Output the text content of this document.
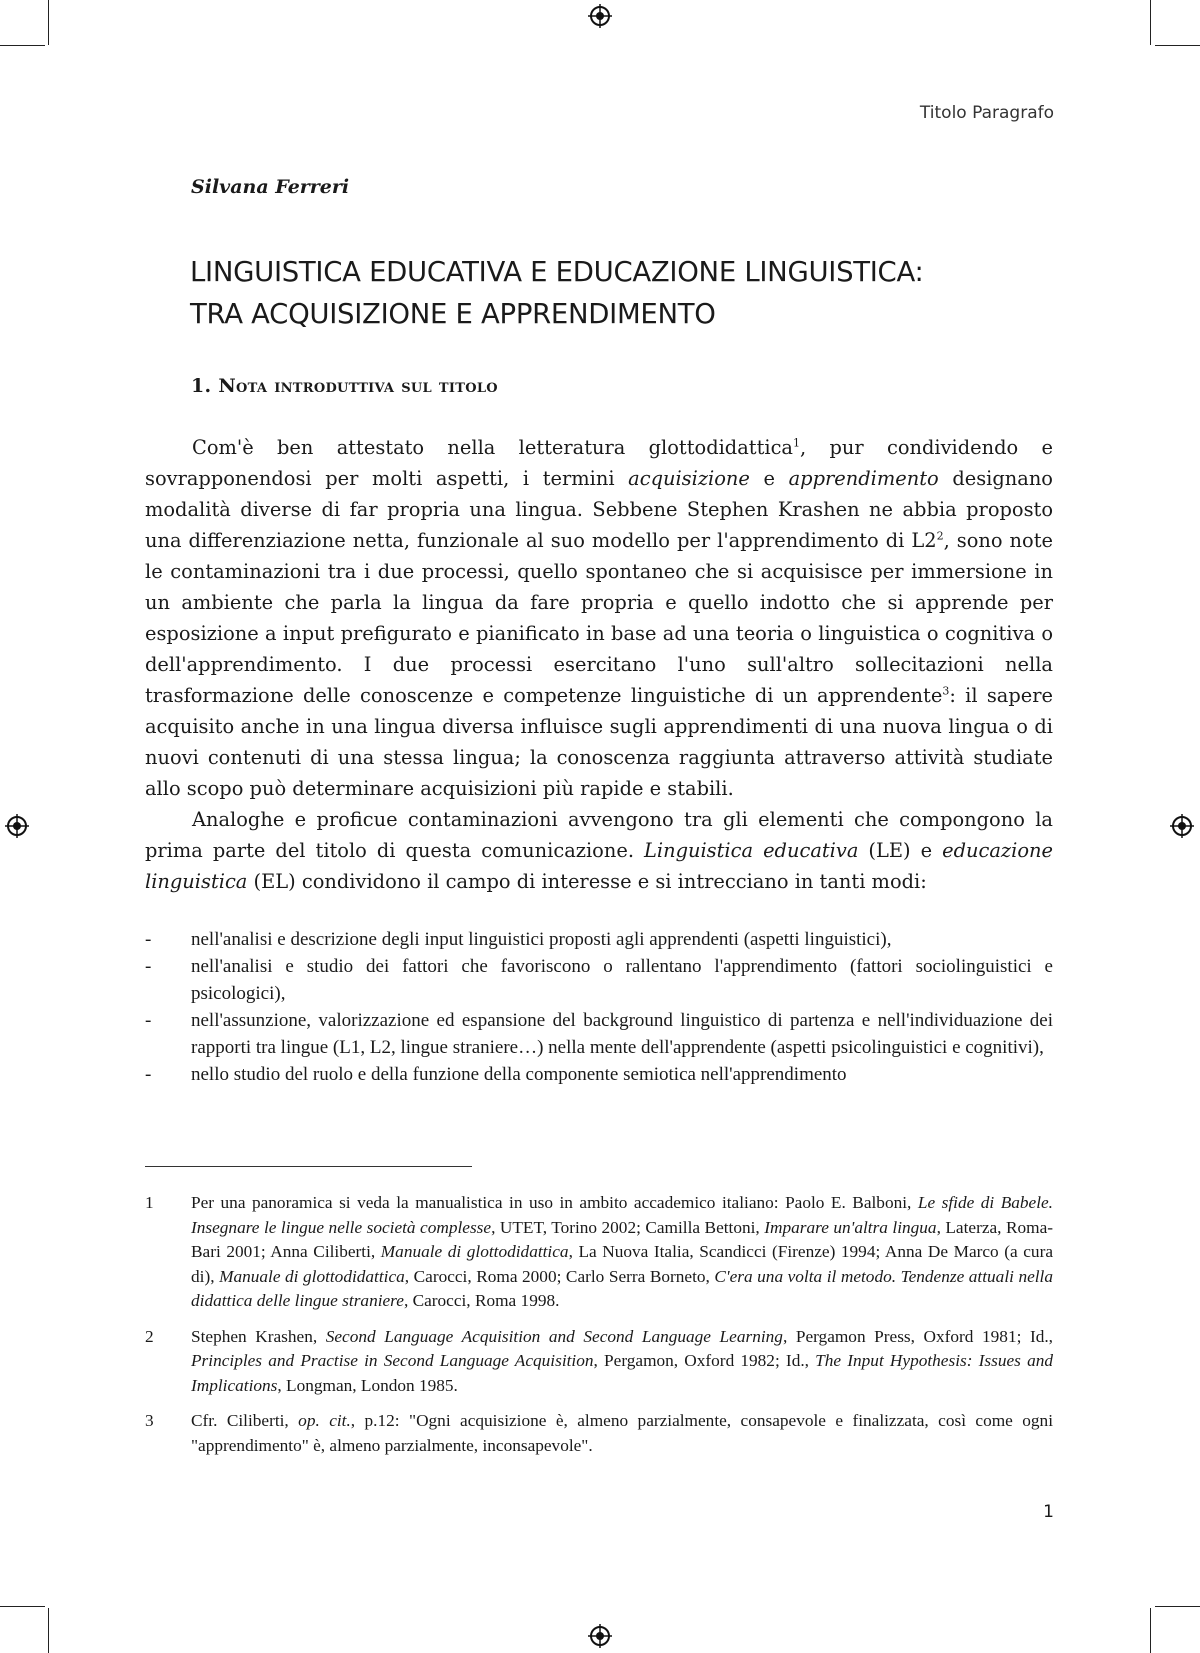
Titolo Paragrafo
Silvana Ferreri
LINGUISTICA EDUCATIVA E EDUCAZIONE LINGUISTICA:
TRA ACQUISIZIONE E APPRENDIMENTO
1. Nota introduttiva sul titolo

Com'è ben attestato nella letteratura glottodidattica$^1$, pur condividendo e sovrapponendosi per molti aspetti, i termini acquisizione e apprendimento designano modalità diverse di far propria una lingua. Sebbene Stephen Krashen ne abbia proposto una differenziazione netta, funzionale al suo modello per l'apprendimento di $L2^2$, sono note le contaminazioni tra i due processi, quello spontaneo che si acquisisce per immersione in un ambiente che parla la lingua da fare propria e quello indotto che si apprende per esposizione a input prefigurato e pianificato in base ad una teoria o linguistica o cognitiva o dell'apprendimento. I due processi esercitano l'uno sull'altro sollecitazioni nella trasformazione delle conoscenze e competenze linguistiche di un apprendente$^3$: il sapere acquisito anche in una lingua diversa influisce sugli apprendimenti di una nuova lingua o di nuovi contenuti di una stessa lingua; la conoscenza raggiunta attraverso attività studiate allo scopo può determinare acquisizioni più rapide e stabili.

Analoghe e proficue contaminazioni avvengono tra gli elementi che compongono la prima parte del titolo di questa comunicazione. Linguistica educativa (LE) e educazione linguistica (EL) condividono il campo di interesse e si intrecciano in tanti modi:

- nell'analisi e descrizione degli input linguistici proposti agli apprendenti (aspetti linguistici),

- nell'analisi e studio dei fattori che favoriscono o rallentano l'apprendimento (fattori sociolinguistici e psicologici),

- nell'assunzione, valorizzazione ed espansione del background linguistico di partenza e nell'individuazione dei rapporti tra lingue (L1, L2, lingue straniere…) nella mente dell'apprendente (aspetti psicolinguistici e cognitivi),

- nello studio del ruolo e della funzione della componente semiotica nell'apprendimento

1 Per una panoramica si veda la manualistica in uso in ambito accademico italiano: Paolo E. Balboni, Le sfide di Babele. Insegnare le lingue nelle società complesse, UTET, Torino 2002; Camilla Bettoni, Imparare un'altra lingua, Laterza, Roma-Bari 2001; Anna Ciliberti, Manuale di glottodidattica, La Nuova Italia, Scandicci (Firenze) 1994; Anna De Marco (a cura di), Manuale di glottodidattica, Carocci, Roma 2000; Carlo Serra Borneto, C'era una volta il metodo. Tendenze attuali nella didattica delle lingue straniere, Carocci, Roma 1998.

2 Stephen Krashen, Second Language Acquisition and Second Language Learning, Pergamon Press, Oxford 1981; Id., Principles and Practise in Second Language Acquisition, Pergamon, Oxford 1982; Id., The Input Hypothesis: Issues and Implications, Longman, London 1985.

3 Cfr. Ciliberti, op. cit., p.12: "Ogni acquisizione è, almeno parzialmente, consapevole e finalizzata, così come ogni "apprendimento" è, almeno parzialmente, inconsapevole".

1
